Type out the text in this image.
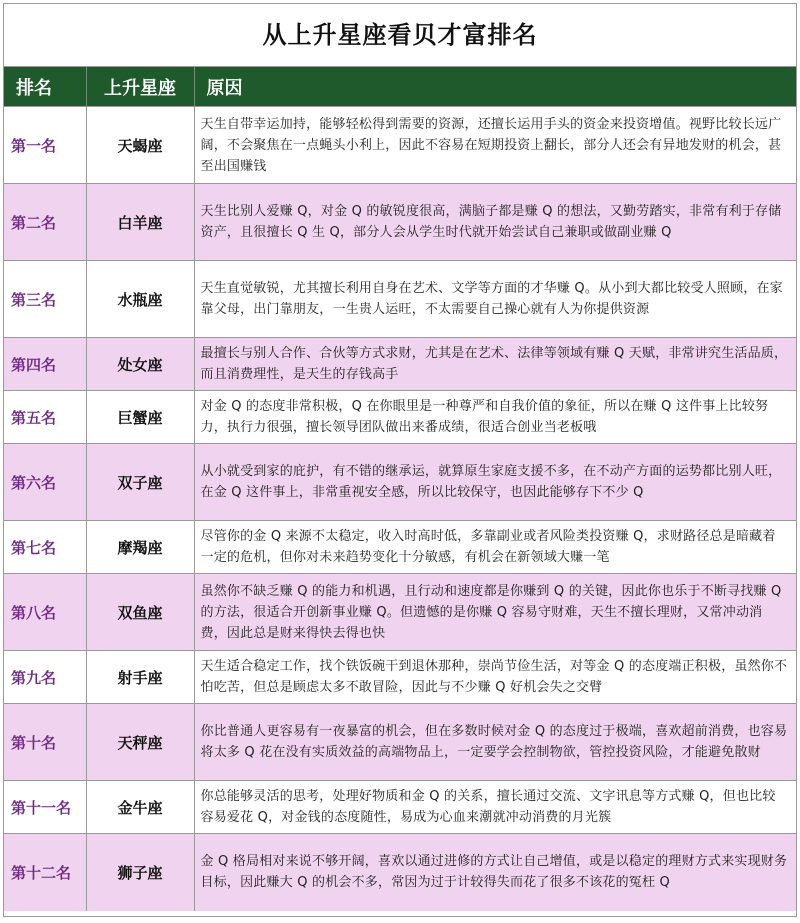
从上升星座看贝才富排名
排名	上升星座	原因
第一名	天蝎座	天生自带幸运加持，能够轻松得到需要的资源，还擅长运用手头的资金来投资增值。视野比较长远广阔，不会聚焦在一点蝇头小利上，因此不容易在短期投资上翻长，部分人还会有异地发财的机会，甚至出国赚钱
第二名	白羊座	天生比别人爱赚 Q，对金 Q 的敏锐度很高，满脑子都是赚 Q 的想法，又勤劳踏实，非常有利于存储资产，且很擅长 Q 生 Q，部分人会从学生时代就开始尝试自己兼职或做副业赚 Q
第三名	水瓶座	天生直觉敏锐，尤其擅长利用自身在艺术、文学等方面的才华赚 Q。从小到大都比较受人照顾，在家靠父母，出门靠朋友，一生贵人运旺，不太需要自己操心就有人为你提供资源
第四名	处女座	最擅长与别人合作、合伙等方式求财，尤其是在艺术、法律等领域有赚 Q 天赋，非常讲究生活品质，而且消费理性，是天生的存钱高手
第五名	巨蟹座	对金 Q 的态度非常积极，Q 在你眼里是一种尊严和自我价值的象征，所以在赚 Q 这件事上比较努力，执行力很强，擅长领导团队做出来番成绩，很适合创业当老板哦
第六名	双子座	从小就受到家的庇护，有不错的继承运，就算原生家庭支援不多，在不动产方面的运势都比别人旺，在金 Q 这件事上，非常重视安全感，所以比较保守，也因此能够存下不少 Q
第七名	摩羯座	尽管你的金 Q 来源不太稳定，收入时高时低，多靠副业或者风险类投资赚 Q，求财路径总是暗藏着一定的危机，但你对未来趋势变化十分敏感，有机会在新领域大赚一笔
第八名	双鱼座	虽然你不缺乏赚 Q 的能力和机遇，且行动和速度都是你赚到 Q 的关键，因此你也乐于不断寻找赚 Q 的方法，很适合开创新事业赚 Q。但遗憾的是你赚 Q 容易守财难，天生不擅长理财，又常冲动消费，因此总是财来得快去得也快
第九名	射手座	天生适合稳定工作，找个铁饭碗干到退休那种，崇尚节俭生活，对等金 Q 的态度端正积极，虽然你不怕吃苦，但总是顾虑太多不敢冒险，因此与不少赚 Q 好机会失之交臂
第十名	天秤座	你比普通人更容易有一夜暴富的机会，但在多数时候对金 Q 的态度过于极端，喜欢超前消费，也容易将太多 Q 花在没有实质效益的高端物品上，一定要学会控制物欲，管控投资风险，才能避免散财
第十一名	金牛座	你总能够灵活的思考，处理好物质和金 Q 的关系，擅长通过交流、文字讯息等方式赚 Q，但也比较容易爱花 Q，对金钱的态度随性，易成为心血来潮就冲动消费的月光簇
第十二名	狮子座	金 Q 格局相对来说不够开阔，喜欢以通过进修的方式让自己增值，或是以稳定的理财方式来实现财务目标，因此赚大 Q 的机会不多，常因为过于计较得失而花了很多不该花的冤枉 Q
